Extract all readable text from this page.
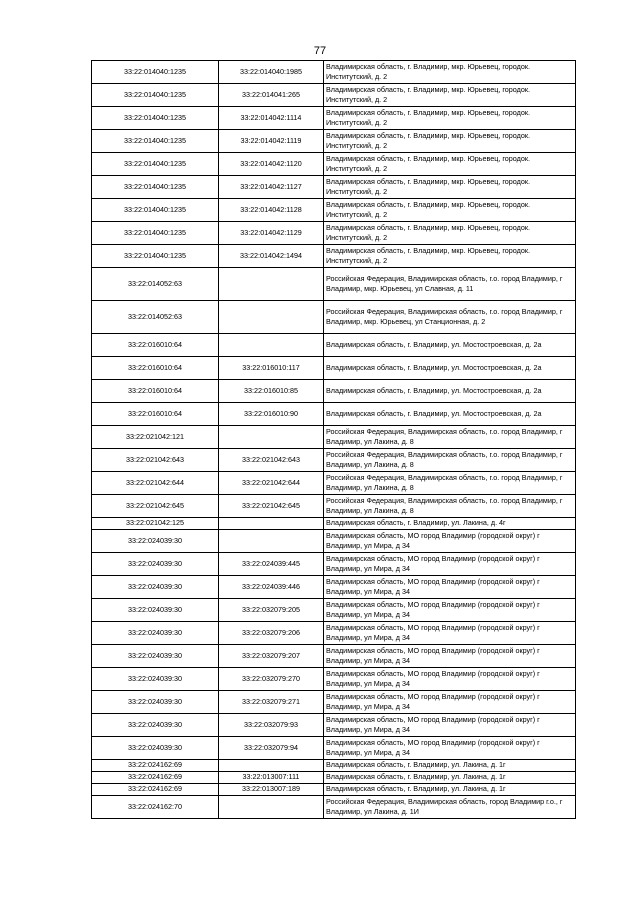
77
33:22:014040:1235	33:22:014040:1985	Владимирская область, г. Владимир, мкр. Юрьевец, городок. Институтский, д. 2
33:22:014040:1235	33:22:014041:265	Владимирская область, г. Владимир, мкр. Юрьевец, городок. Институтский, д. 2
33:22:014040:1235	33:22:014042:1114	Владимирская область, г. Владимир, мкр. Юрьевец, городок. Институтский, д. 2
33:22:014040:1235	33:22:014042:1119	Владимирская область, г. Владимир, мкр. Юрьевец, городок. Институтский, д. 2
33:22:014040:1235	33:22:014042:1120	Владимирская область, г. Владимир, мкр. Юрьевец, городок. Институтский, д. 2
33:22:014040:1235	33:22:014042:1127	Владимирская область, г. Владимир, мкр. Юрьевец, городок. Институтский, д. 2
33:22:014040:1235	33:22:014042:1128	Владимирская область, г. Владимир, мкр. Юрьевец, городок. Институтский, д. 2
33:22:014040:1235	33:22:014042:1129	Владимирская область, г. Владимир, мкр. Юрьевец, городок. Институтский, д. 2
33:22:014040:1235	33:22:014042:1494	Владимирская область, г. Владимир, мкр. Юрьевец, городок. Институтский, д. 2
33:22:014052:63		Российская Федерация, Владимирская область, г.о. город Владимир, г Владимир, мкр. Юрьевец, ул Славная, д. 11
33:22:014052:63		Российская Федерация, Владимирская область, г.о. город Владимир, г Владимир, мкр. Юрьевец, ул Станционная, д. 2
33:22:016010:64		Владимирская область, г. Владимир, ул. Мостостроевская, д. 2а
33:22:016010:64	33:22:016010:117	Владимирская область, г. Владимир, ул. Мостостроевская, д. 2а
33:22:016010:64	33:22:016010:85	Владимирская область, г. Владимир, ул. Мостостроевская, д. 2а
33:22:016010:64	33:22:016010:90	Владимирская область, г. Владимир, ул. Мостостроевская, д. 2а
33:22:021042:121		Российская Федерация, Владимирская область, г.о. город Владимир, г Владимир, ул Лакина, д. 8
33:22:021042:643	33:22:021042:643	Российская Федерация, Владимирская область, г.о. город Владимир, г Владимир, ул Лакина, д. 8
33:22:021042:644	33:22:021042:644	Российская Федерация, Владимирская область, г.о. город Владимир, г Владимир, ул Лакина, д. 8
33:22:021042:645	33:22:021042:645	Российская Федерация, Владимирская область, г.о. город Владимир, г Владимир, ул Лакина, д. 8
33:22:021042:125		Владимирская область, г. Владимир, ул. Лакина, д. 4г
33:22:024039:30		Владимирская область, МО город Владимир (городской округ) г Владимир, ул Мира, д 34
33:22:024039:30	33:22:024039:445	Владимирская область, МО город Владимир (городской округ) г Владимир, ул Мира, д 34
33:22:024039:30	33:22:024039:446	Владимирская область, МО город Владимир (городской округ) г Владимир, ул Мира, д 34
33:22:024039:30	33:22:032079:205	Владимирская область, МО город Владимир (городской округ) г Владимир, ул Мира, д 34
33:22:024039:30	33:22:032079:206	Владимирская область, МО город Владимир (городской округ) г Владимир, ул Мира, д 34
33:22:024039:30	33:22:032079:207	Владимирская область, МО город Владимир (городской округ) г Владимир, ул Мира, д 34
33:22:024039:30	33:22:032079:270	Владимирская область, МО город Владимир (городской округ) г Владимир, ул Мира, д 34
33:22:024039:30	33:22:032079:271	Владимирская область, МО город Владимир (городской округ) г Владимир, ул Мира, д 34
33:22:024039:30	33:22:032079:93	Владимирская область, МО город Владимир (городской округ) г Владимир, ул Мира, д 34
33:22:024039:30	33:22:032079:94	Владимирская область, МО город Владимир (городской округ) г Владимир, ул Мира, д 34
33:22:024162:69		Владимирская область, г. Владимир, ул. Лакина, д. 1г
33:22:024162:69	33:22:013007:111	Владимирская область, г. Владимир, ул. Лакина, д. 1г
33:22:024162:69	33:22:013007:189	Владимирская область, г. Владимир, ул. Лакина, д. 1г
33:22:024162:70		Российская Федерация, Владимирская область, город Владимир г.о., г Владимир, ул Лакина, д. 1И
